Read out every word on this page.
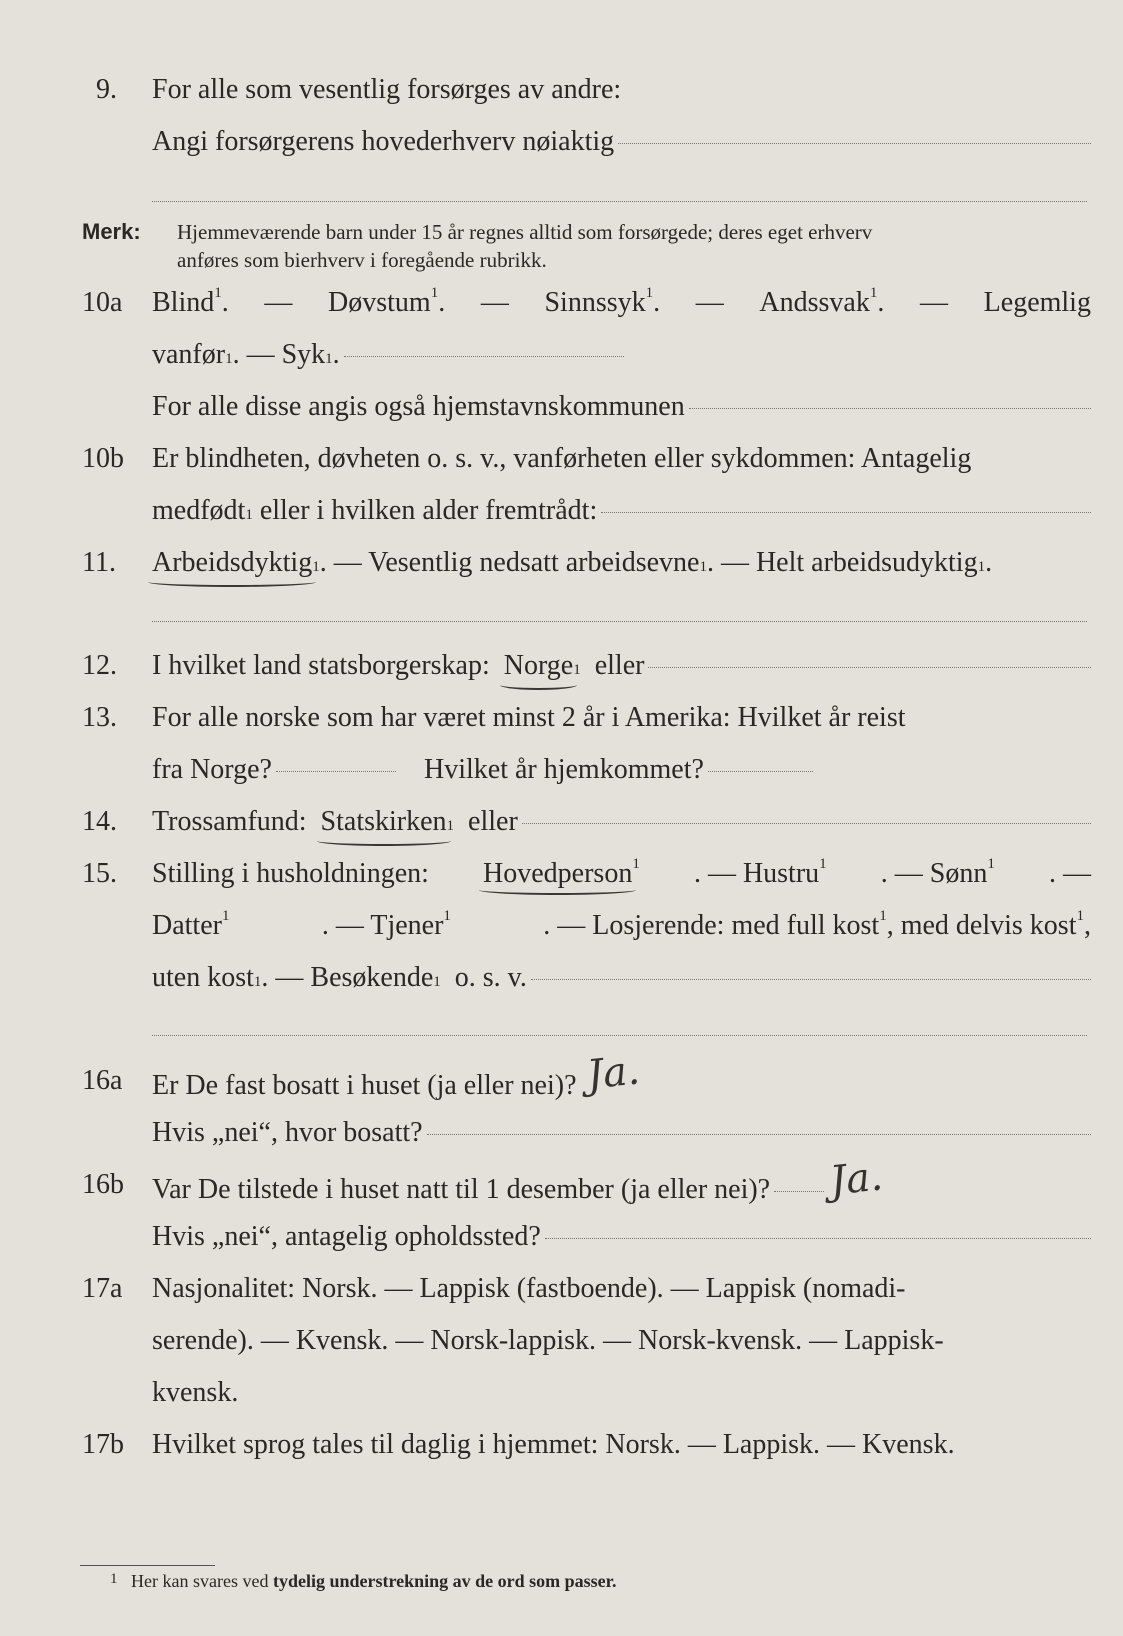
9.	For alle som vesentlig forsørges av andre:
Angi forsørgerens hovederhverv nøiaktig
Merk: Hjemmeværende barn under 15 år regnes alltid som forsørgede; deres eget erhverv
anføres som bierhverv i foregående rubrikk.
10a	Blind$^1$. — Døvstum$^1$. — Sinnssyk$^1$. — Andssvak$^1$. — Legemlig
vanfør 1 . — Syk 1 .
For alle disse angis også hjemstavnskommunen
10b	Er blindheten, døvheten o. s. v., vanførheten eller sykdommen: Antagelig
medfødt 1
eller i hvilken alder fremtrådt:
11.	Arbeidsdyktig 1 . — Vesentlig nedsatt arbeidsevne 1 . — Helt arbeidsudyktig 1 .
12.	I hvilket land statsborgerskap:
Norge 1
eller
13.	For alle norske som har været minst 2 år i Amerika: Hvilket år reist
fra Norge?
	Hvilket år hjemkommet?
14.	Trossamfund:
Statskirken 1
eller
15.	Stilling i husholdningen: Hovedperson$^1$ . — Hustru$^1$ . — Sønn$^1$ . —
Datter$^1$	. — Tjener$^1$	. — Losjerende: med full kost$^1$, med delvis kost$^1$,
uten kost 1 . — Besøkende 1
o. s. v.
16a	Er De fast bosatt i huset (ja eller nei)? Ja.
Hvis „nei“, hvor bosatt?
16b	Var De tilstede i huset natt til 1 desember (ja eller nei)? Ja.
Hvis „nei“, antagelig opholdssted?
17a	Nasjonalitet: Norsk. — Lappisk (fastboende). — Lappisk (nomadi-
serende). — Kvensk. — Norsk-lappisk. — Norsk-kvensk. — Lappisk-
kvensk.
17b	Hvilket sprog tales til daglig i hjemmet: Norsk. — Lappisk. — Kvensk.
$^1$ Her kan svares ved tydelig understrekning av de ord som passer.
